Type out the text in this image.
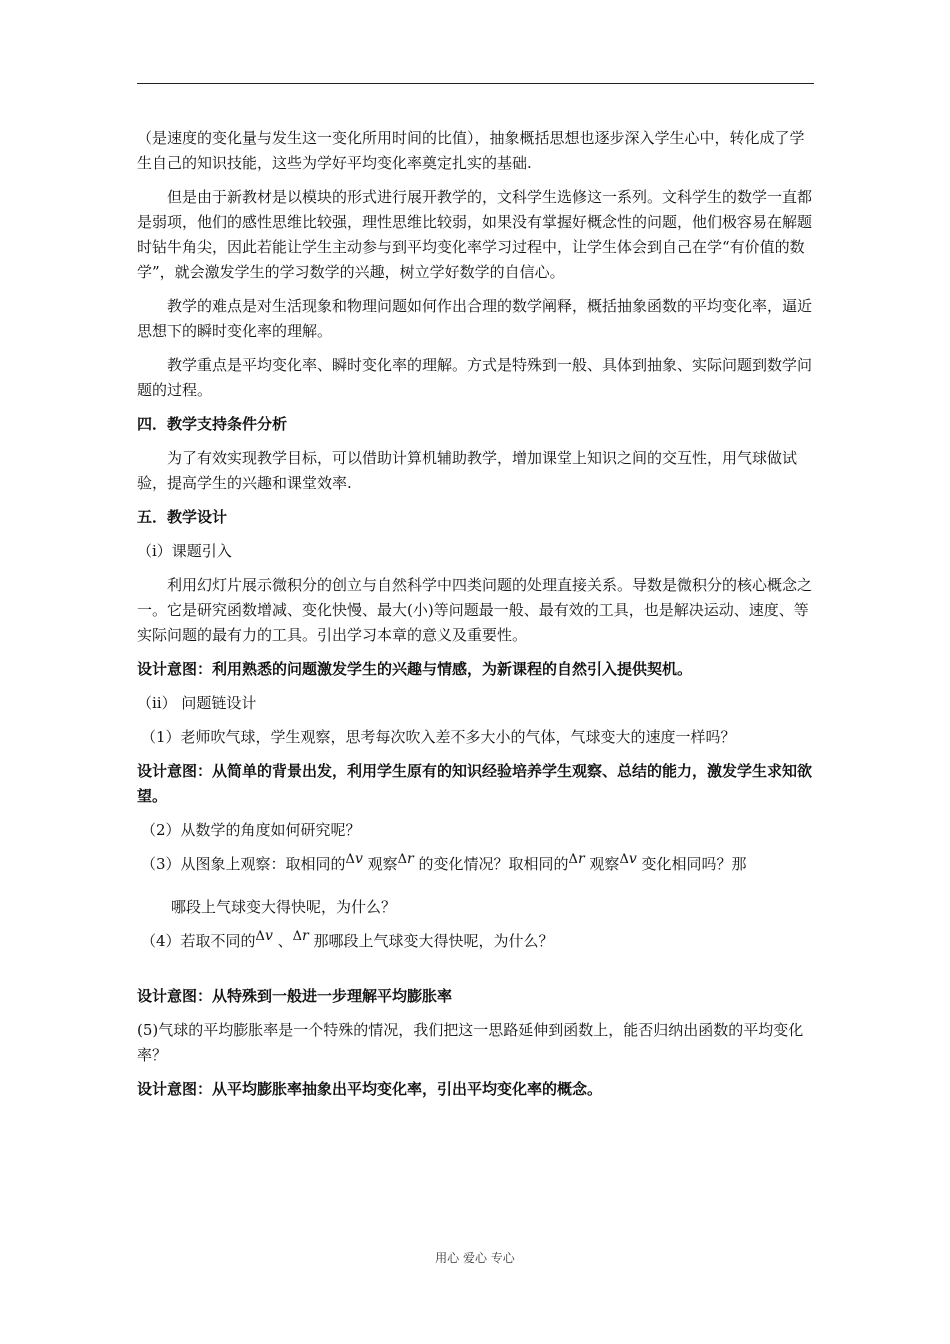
（是速度的变化量与发生这一变化所用时间的比值），抽象概括思想也逐步深入学生心中，转化成了学生自己的知识技能，这些为学好平均变化率奠定扎实的基础.

但是由于新教材是以模块的形式进行展开教学的，文科学生选修这一系列。文科学生的数学一直都是弱项，他们的感性思维比较强，理性思维比较弱，如果没有掌握好概念性的问题，他们极容易在解题时钻牛角尖，因此若能让学生主动参与到平均变化率学习过程中，让学生体会到自己在学“有价值的数学”，就会激发学生的学习数学的兴趣，树立学好数学的自信心。

教学的难点是对生活现象和物理问题如何作出合理的数学阐释，概括抽象函数的平均变化率，逼近思想下的瞬时变化率的理解。

教学重点是平均变化率、瞬时变化率的理解。方式是特殊到一般、具体到抽象、实际问题到数学问题的过程。

四．教学支持条件分析

为了有效实现教学目标，可以借助计算机辅助教学，增加课堂上知识之间的交互性，用气球做试验，提高学生的兴趣和课堂效率.

五．教学设计

（ⅰ）课题引入

利用幻灯片展示微积分的创立与自然科学中四类问题的处理直接关系。导数是微积分的核心概念之一。它是研究函数增减、变化快慢、最大(小)等问题最一般、最有效的工具，也是解决运动、速度、等实际问题的最有力的工具。引出学习本章的意义及重要性。

设计意图：利用熟悉的问题激发学生的兴趣与情感，为新课程的自然引入提供契机。

（ⅱ） 问题链设计

（1）老师吹气球，学生观察，思考每次吹入差不多大小的气体，气球变大的速度一样吗？

设计意图：从简单的背景出发，利用学生原有的知识经验培养学生观察、总结的能力，激发学生求知欲望。

（2）从数学的角度如何研究呢？

（3）从图象上观察：取相同的Δv 观察Δr 的变化情况？取相同的Δr 观察Δv 变化相同吗？那
哪段上气球变大得快呢，为什么？

（4）若取不同的Δv 、Δr 那哪段上气球变大得快呢，为什么？

设计意图：从特殊到一般进一步理解平均膨胀率

(5)气球的平均膨胀率是一个特殊的情况，我们把这一思路延伸到函数上，能否归纳出函数的平均变化率？

设计意图：从平均膨胀率抽象出平均变化率，引出平均变化率的概念。

用心 爱心 专心
